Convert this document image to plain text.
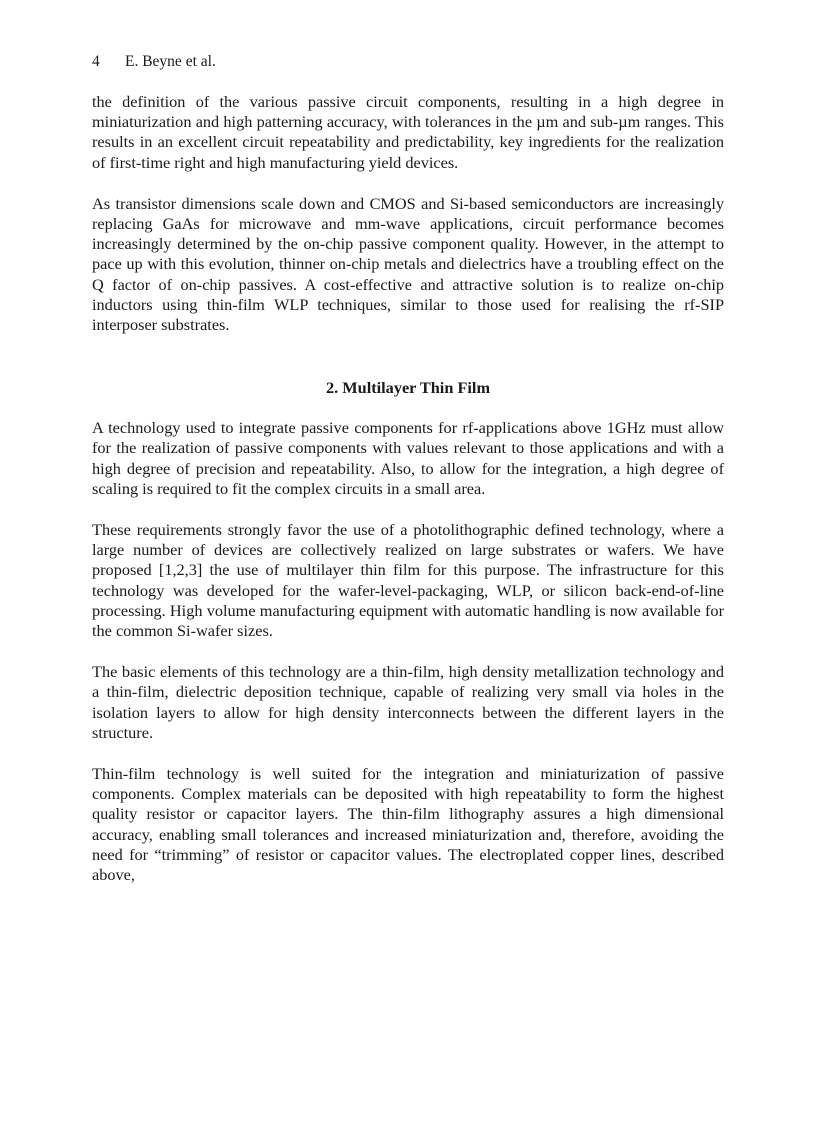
4 E. Beyne et al.

the definition of the various passive circuit components, resulting in a high degree in miniaturization and high patterning accuracy, with tolerances in the µm and sub-µm ranges. This results in an excellent circuit repeatability and predictability, key ingredients for the realization of first-time right and high manufacturing yield devices.

As transistor dimensions scale down and CMOS and Si-based semiconductors are increasingly replacing GaAs for microwave and mm-wave applications, circuit performance becomes increasingly determined by the on-chip passive component quality. However, in the attempt to pace up with this evolution, thinner on-chip metals and dielectrics have a troubling effect on the Q factor of on-chip passives. A cost-effective and attractive solution is to realize on-chip inductors using thin-film WLP techniques, similar to those used for realising the rf-SIP interposer substrates.

2. Multilayer Thin Film

A technology used to integrate passive components for rf-applications above 1GHz must allow for the realization of passive components with values relevant to those applications and with a high degree of precision and repeatability. Also, to allow for the integration, a high degree of scaling is required to fit the complex circuits in a small area.

These requirements strongly favor the use of a photolithographic defined technology, where a large number of devices are collectively realized on large substrates or wafers. We have proposed [1,2,3] the use of multilayer thin film for this purpose. The infrastructure for this technology was developed for the wafer-level-packaging, WLP, or silicon back-end-of-line processing. High volume manufacturing equipment with automatic handling is now available for the common Si-wafer sizes.

The basic elements of this technology are a thin-film, high density metallization technology and a thin-film, dielectric deposition technique, capable of realizing very small via holes in the isolation layers to allow for high density interconnects between the different layers in the structure.

Thin-film technology is well suited for the integration and miniaturization of passive components. Complex materials can be deposited with high repeatability to form the highest quality resistor or capacitor layers. The thin-film lithography assures a high dimensional accuracy, enabling small tolerances and increased miniaturization and, therefore, avoiding the need for “trimming” of resistor or capacitor values. The electroplated copper lines, described above,
